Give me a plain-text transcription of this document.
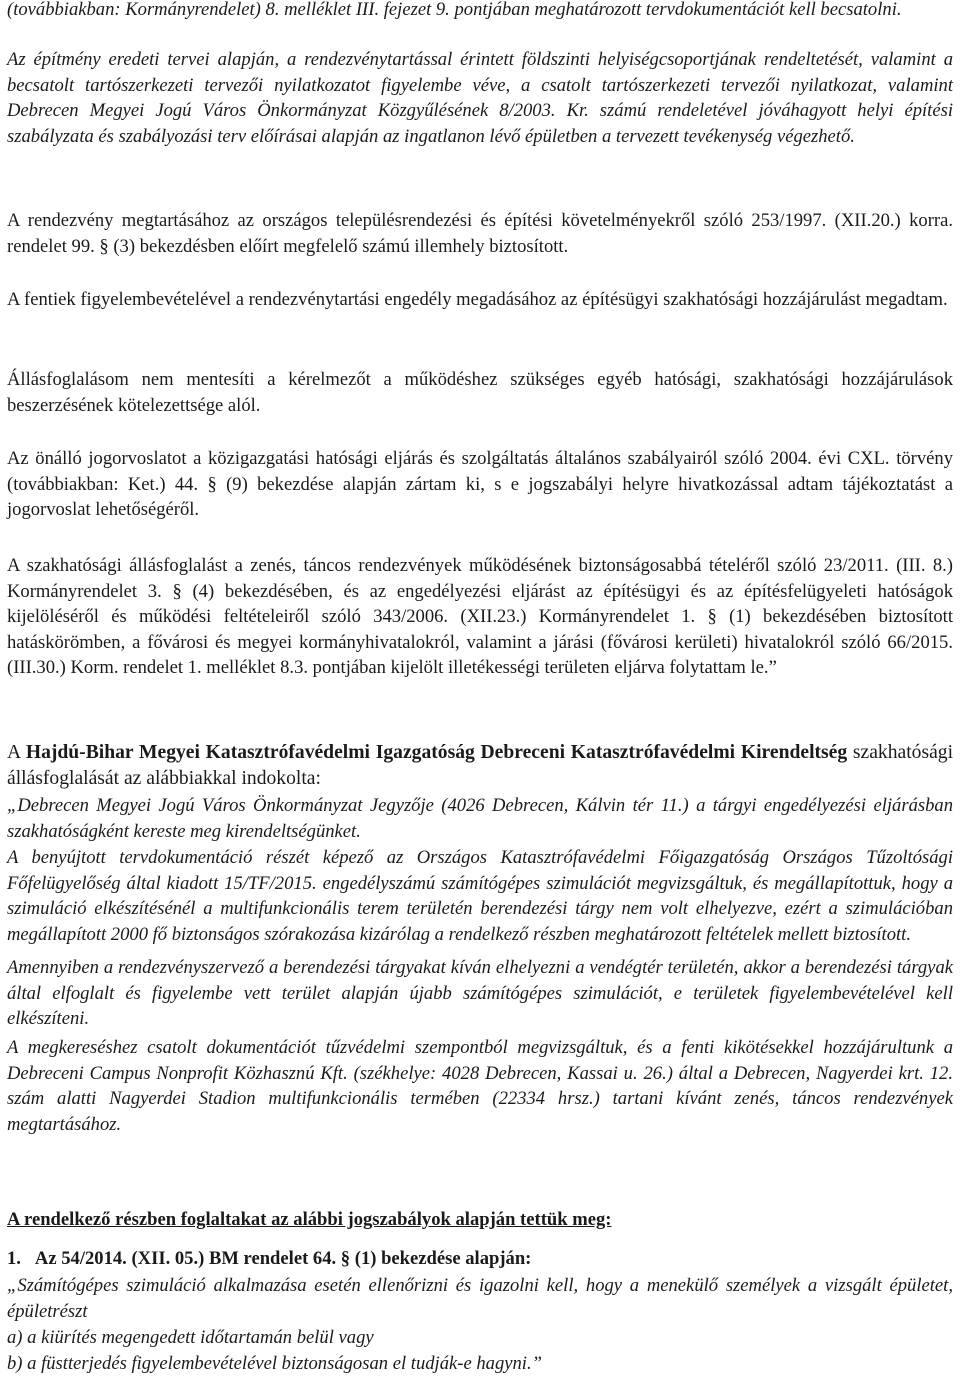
(továbbiakban: Kormányrendelet) 8. melléklet III. fejezet 9. pontjában meghatározott tervdokumentációt kell becsatolni.

Az építmény eredeti tervei alapján, a rendezvénytartással érintett földszinti helyiségcsoportjának rendeltetését, valamint a becsatolt tartószerkezeti tervezői nyilatkozatot figyelembe véve, a csatolt tartószerkezeti tervezői nyilatkozat, valamint Debrecen Megyei Jogú Város Önkormányzat Közgyűlésének 8/2003. Kr. számú rendeletével jóváhagyott helyi építési szabályzata és szabályozási terv előírásai alapján az ingatlanon lévő épületben a tervezett tevékenység végezhető.

A rendezvény megtartásához az országos településrendezési és építési követelményekről szóló 253/1997. (XII.20.) korra. rendelet 99. § (3) bekezdésben előírt megfelelő számú illemhely biztosított.

A fentiek figyelembevételével a rendezvénytartási engedély megadásához az építésügyi szakhatósági hozzájárulást megadtam.

Állásfoglalásom nem mentesíti a kérelmezőt a működéshez szükséges egyéb hatósági, szakhatósági hozzájárulások beszerzésének kötelezettsége alól.

Az önálló jogorvoslatot a közigazgatási hatósági eljárás és szolgáltatás általános szabályairól szóló 2004. évi CXL. törvény (továbbiakban: Ket.) 44. § (9) bekezdése alapján zártam ki, s e jogszabályi helyre hivatkozással adtam tájékoztatást a jogorvoslat lehetőségéről.

A szakhatósági állásfoglalást a zenés, táncos rendezvények működésének biztonságosabbá tételéről szóló 23/2011. (III. 8.) Kormányrendelet 3. § (4) bekezdésében, és az engedélyezési eljárást az építésügyi és az építésfelügyeleti hatóságok kijelöléséről és működési feltételeiről szóló 343/2006. (XII.23.) Kormányrendelet 1. § (1) bekezdésében biztosított hatáskörömben, a fővárosi és megyei kormányhivatalokról, valamint a járási (fővárosi kerületi) hivatalokról szóló 66/2015. (III.30.) Korm. rendelet 1. melléklet 8.3. pontjában kijelölt illetékességi területen eljárva folytattam le.”

A Hajdú-Bihar Megyei Katasztrófavédelmi Igazgatóság Debreceni Katasztrófavédelmi Kirendeltség szakhatósági állásfoglalását az alábbiakkal indokolta:

„Debrecen Megyei Jogú Város Önkormányzat Jegyzője (4026 Debrecen, Kálvin tér 11.) a tárgyi engedélyezési eljárásban szakhatóságként kereste meg kirendeltségünket.

A benyújtott tervdokumentáció részét képező az Országos Katasztrófavédelmi Főigazgatóság Országos Tűzoltósági Főfelügyelőség által kiadott 15/TF/2015. engedélyszámú számítógépes szimulációt megvizsgáltuk, és megállapítottuk, hogy a szimuláció elkészítésénél a multifunkcionális terem területén berendezési tárgy nem volt elhelyezve, ezért a szimulációban megállapított 2000 fő biztonságos szórakozása kizárólag a rendelkező részben meghatározott feltételek mellett biztosított.

Amennyiben a rendezvényszervező a berendezési tárgyakat kíván elhelyezni a vendégtér területén, akkor a berendezési tárgyak által elfoglalt és figyelembe vett terület alapján újabb számítógépes szimulációt, e területek figyelembevételével kell elkészíteni.

A megkereséshez csatolt dokumentációt tűzvédelmi szempontból megvizsgáltuk, és a fenti kikötésekkel hozzájárultunk a Debreceni Campus Nonprofit Közhasznú Kft. (székhelye: 4028 Debrecen, Kassai u. 26.) által a Debrecen, Nagyerdei krt. 12. szám alatti Nagyerdei Stadion multifunkcionális termében (22334 hrsz.) tartani kívánt zenés, táncos rendezvények megtartásához.

A rendelkező részben foglaltakat az alábbi jogszabályok alapján tettük meg:

1. Az 54/2014. (XII. 05.) BM rendelet 64. § (1) bekezdése alapján:

„Számítógépes szimuláció alkalmazása esetén ellenőrizni és igazolni kell, hogy a menekülő személyek a vizsgált épületet, épületrészt

a) a kiürítés megengedett időtartamán belül vagy

b) a füstterjedés figyelembevételével biztonságosan el tudják-e hagyni.”
